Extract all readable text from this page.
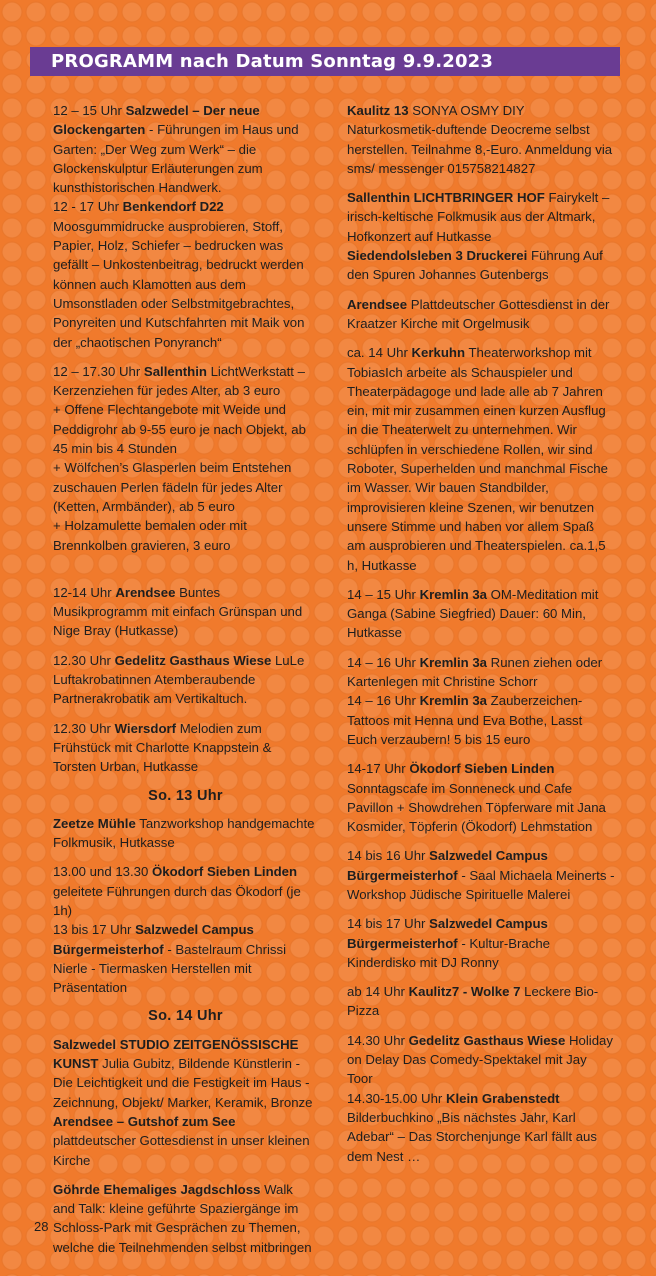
PROGRAMM nach Datum Sonntag 9.9.2023
12 – 15 Uhr Salzwedel – Der neue Glockengarten - Führungen im Haus und Garten: „Der Weg zum Werk“ – die Glockenskulptur Erläuterungen zum kunsthistorischen Handwerk.
12 - 17 Uhr Benkendorf D22 Moosgummidrucke ausprobieren, Stoff, Papier, Holz, Schiefer – bedrucken was gefällt – Unkostenbeitrag, bedruckt werden können auch Klamotten aus dem Umsonstladen oder Selbstmitgebrachtes, Ponyreiten und Kutschfahrten mit Maik von der „chaotischen Ponyranch“

12 – 17.30 Uhr Sallenthin LichtWerkstatt – Kerzenziehen für jedes Alter, ab 3 euro

+ Offene Flechtangebote mit Weide und Peddigrohr ab 9-55 euro je nach Objekt, ab 45 min bis 4 Stunden

+ Wölfchen’s Glasperlen beim Entstehen zuschauen Perlen fädeln für jedes Alter (Ketten, Armbänder), ab 5 euro

+ Holzamulette bemalen oder mit Brennkolben gravieren, 3 euro

12-14 Uhr Arendsee Buntes Musikprogramm mit einfach Grünspan und Nige Bray (Hutkasse)
12.30 Uhr Gedelitz Gasthaus Wiese LuLe Luftakrobatinnen Atemberaubende Partnerakrobatik am Vertikaltuch.
12.30 Uhr Wiersdorf Melodien zum Frühstück mit Charlotte Knappstein & Torsten Urban, Hutkasse
So. 13 Uhr
Zeetze Mühle Tanzworkshop handgemachte Folkmusik, Hutkasse

13.00 und 13.30 Ökodorf Sieben Linden geleitete Führungen durch das Ökodorf (je 1h)

13 bis 17 Uhr Salzwedel Campus Bürgermeisterhof - Bastelraum Chrissi Nierle - Tiermasken Herstellen mit Präsentation

So. 14 Uhr

Salzwedel STUDIO ZEITGENÖSSISCHE KUNST Julia Gubitz, Bildende Künstlerin - Die Leichtigkeit und die Festigkeit im Haus - Zeichnung, Objekt/ Marker, Keramik, Bronze

Arendsee – Gutshof zum See plattdeutscher Gottesdienst in unser kleinen Kirche

Göhrde Ehemaliges Jagdschloss Walk and Talk: kleine geführte Spaziergänge im Schloss-Park mit Gesprächen zu Themen, welche die Teilnehmenden selbst mitbringen
Kaulitz 13 SONYA OSMY DIY Naturkosmetik-duftende Deocreme selbst herstellen. Teilnahme 8,-Euro. Anmeldung via sms/ messenger 015758214827

Sallenthin LICHTBRINGER HOF Fairykelt – irisch-keltische Folkmusik aus der Altmark, Hofkonzert auf Hutkasse

Siedendolsleben 3 Druckerei Führung Auf den Spuren Johannes Gutenbergs

Arendsee Plattdeutscher Gottesdienst in der Kraatzer Kirche mit Orgelmusik
ca. 14 Uhr Kerkuhn Theaterworkshop mit TobiasIch arbeite als Schauspieler und Theaterpädagoge und lade alle ab 7 Jahren ein, mit mir zusammen einen kurzen Ausflug in die Theaterwelt zu unternehmen. Wir schlüpfen in verschiedene Rollen, wir sind Roboter, Superhelden und manchmal Fische im Wasser. Wir bauen Standbilder, improvisieren kleine Szenen, wir benutzen unsere Stimme und haben vor allem Spaß am ausprobieren und Theaterspielen. ca.1,5 h, Hutkasse
14 – 15 Uhr Kremlin 3a OM-Meditation mit Ganga (Sabine Siegfried) Dauer: 60 Min, Hutkasse

14 – 16 Uhr Kremlin 3a Runen ziehen oder Kartenlegen mit Christine Schorr

14 – 16 Uhr Kremlin 3a Zauberzeichen-Tattoos mit Henna und Eva Bothe, Lasst Euch verzaubern! 5 bis 15 euro

14-17 Uhr Ökodorf Sieben Linden Sonntagscafe im Sonneneck und Cafe Pavillon + Showdrehen Töpferware mit Jana Kosmider, Töpferin (Ökodorf) Lehmstation
14 bis 16 Uhr Salzwedel Campus Bürgermeisterhof - Saal Michaela Meinerts - Workshop Jüdische Spirituelle Malerei
14 bis 17 Uhr Salzwedel Campus Bürgermeisterhof - Kultur-Brache Kinderdisko mit DJ Ronny
ab 14 Uhr Kaulitz7 - Wolke 7 Leckere Bio-Pizza

14.30 Uhr Gedelitz Gasthaus Wiese Holiday on Delay Das Comedy-Spektakel mit Jay Toor

14.30-15.00 Uhr Klein Grabenstedt Bilderbuchkino „Bis nächstes Jahr, Karl Adebar“ – Das Storchenjunge Karl fällt aus dem Nest …

28
